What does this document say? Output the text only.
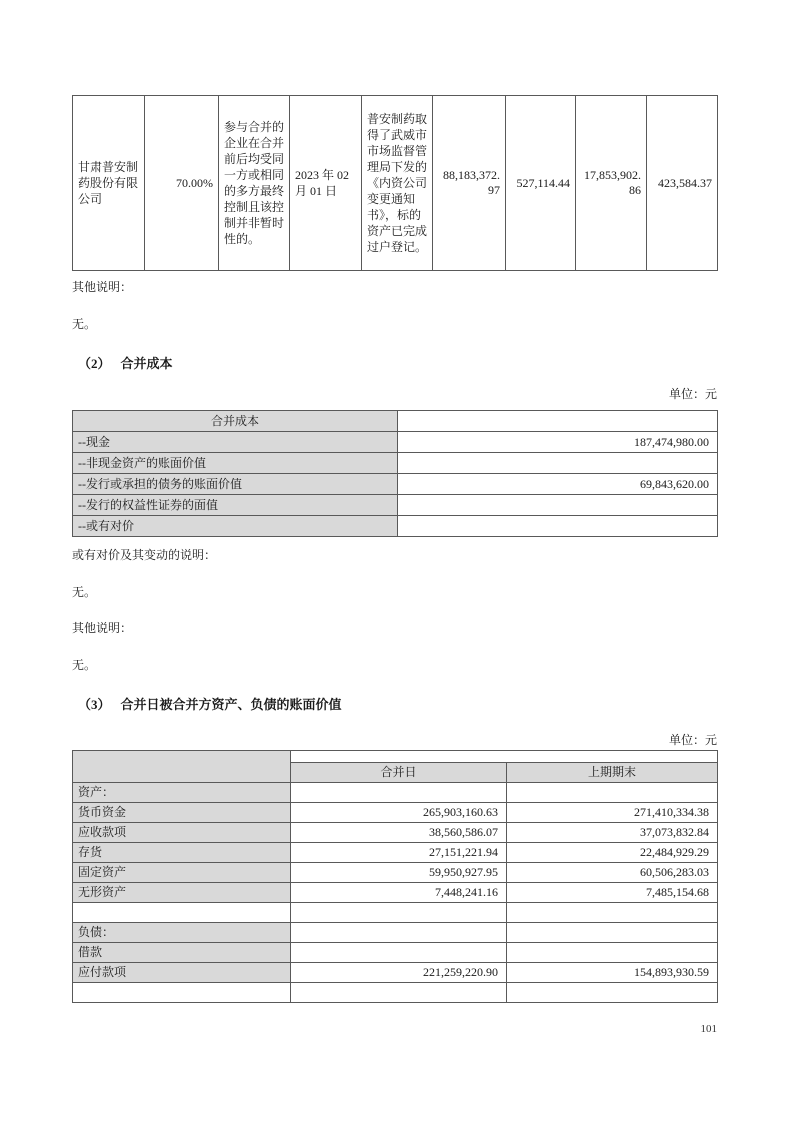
甘肃普安制药股份有限公司	70.00%	参与合并的企业在合并前后均受同一方或相同的多方最终控制且该控制并非暂时性的。	2023 年 02 月 01 日	普安制药取得了武威市市场监督管理局下发的《内资公司变更通知书》，标的资产已完成过户登记。	88,183,372.97	527,114.44	17,853,902.86	423,584.37
其他说明：
无。
（2） 合并成本
单位：元
合并成本	
--现金	187,474,980.00
--非现金资产的账面价值	
--发行或承担的债务的账面价值	69,843,620.00
--发行的权益性证券的面值	
--或有对价	
或有对价及其变动的说明：
无。
其他说明：
无。
（3） 合并日被合并方资产、负债的账面价值
单位：元

	合并日	上期期末
资产：		
货币资金	265,903,160.63	271,410,334.38
应收款项	38,560,586.07	37,073,832.84
存货	27,151,221.94	22,484,929.29
固定资产	59,950,927.95	60,506,283.03
无形资产	7,448,241.16	7,485,154.68

负债：		
借款		
应付款项	221,259,220.90	154,893,930.59

101
